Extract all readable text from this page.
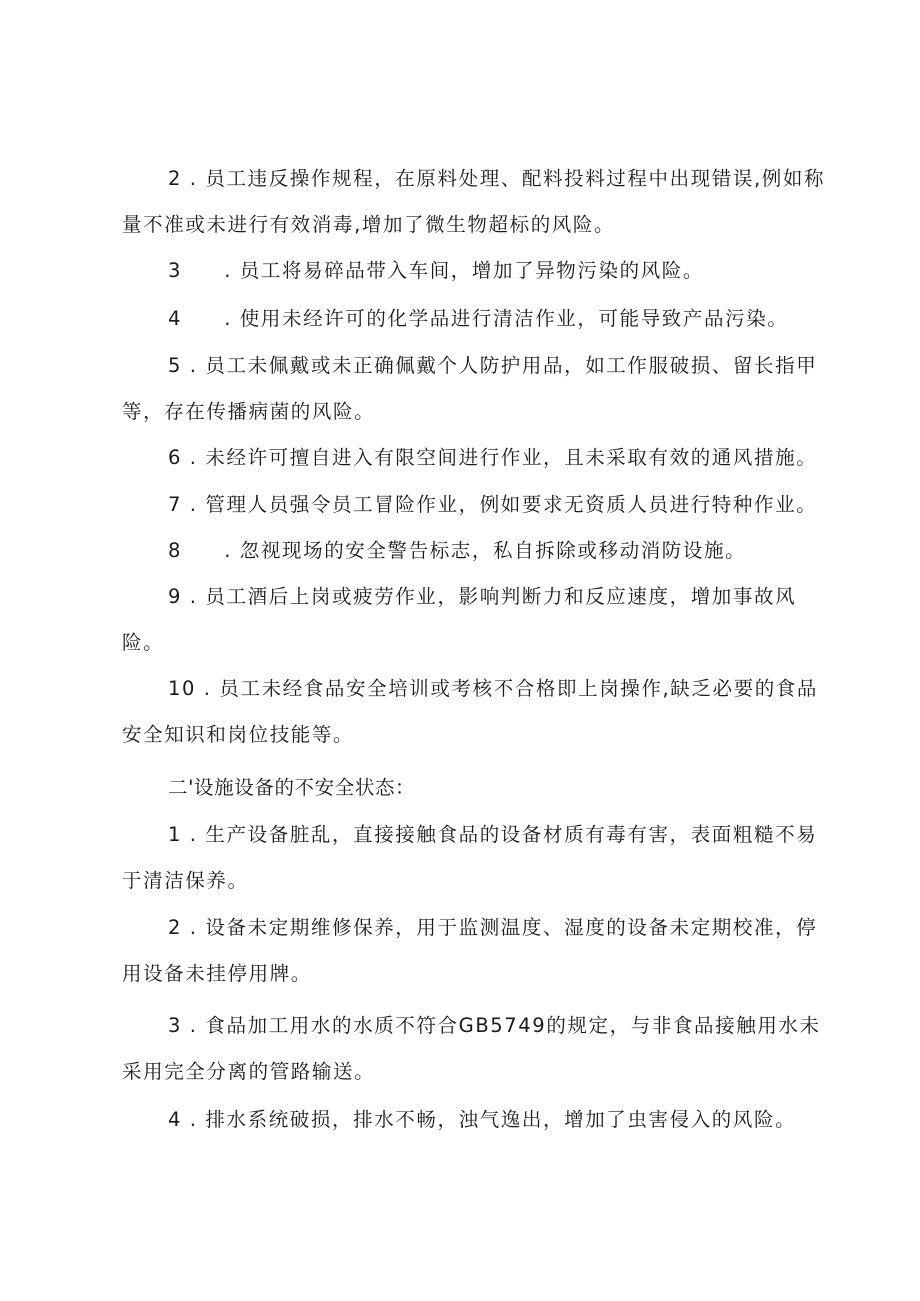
2 . 员工违反操作规程，在原料处理、配料投料过程中出现错误,例如称量不准或未进行有效消毒,增加了微生物超标的风险。

3　　. 员工将易碎品带入车间，增加了异物污染的风险。

4　　. 使用未经许可的化学品进行清洁作业，可能导致产品污染。

5 . 员工未佩戴或未正确佩戴个人防护用品，如工作服破损、留长指甲等，存在传播病菌的风险。

6 . 未经许可擅自进入有限空间进行作业，且未采取有效的通风措施。

7 . 管理人员强令员工冒险作业，例如要求无资质人员进行特种作业。

8　　. 忽视现场的安全警告标志，私自拆除或移动消防设施。

9 . 员工酒后上岗或疲劳作业，影响判断力和反应速度，增加事故风险。

10 . 员工未经食品安全培训或考核不合格即上岗操作,缺乏必要的食品安全知识和岗位技能等。

二'设施设备的不安全状态：

1 . 生产设备脏乱，直接接触食品的设备材质有毒有害，表面粗糙不易于清洁保养。

2 . 设备未定期维修保养，用于监测温度、湿度的设备未定期校准，停用设备未挂停用牌。

3 . 食品加工用水的水质不符合GB5749的规定，与非食品接触用水未采用完全分离的管路输送。

4 . 排水系统破损，排水不畅，浊气逸出，增加了虫害侵入的风险。
